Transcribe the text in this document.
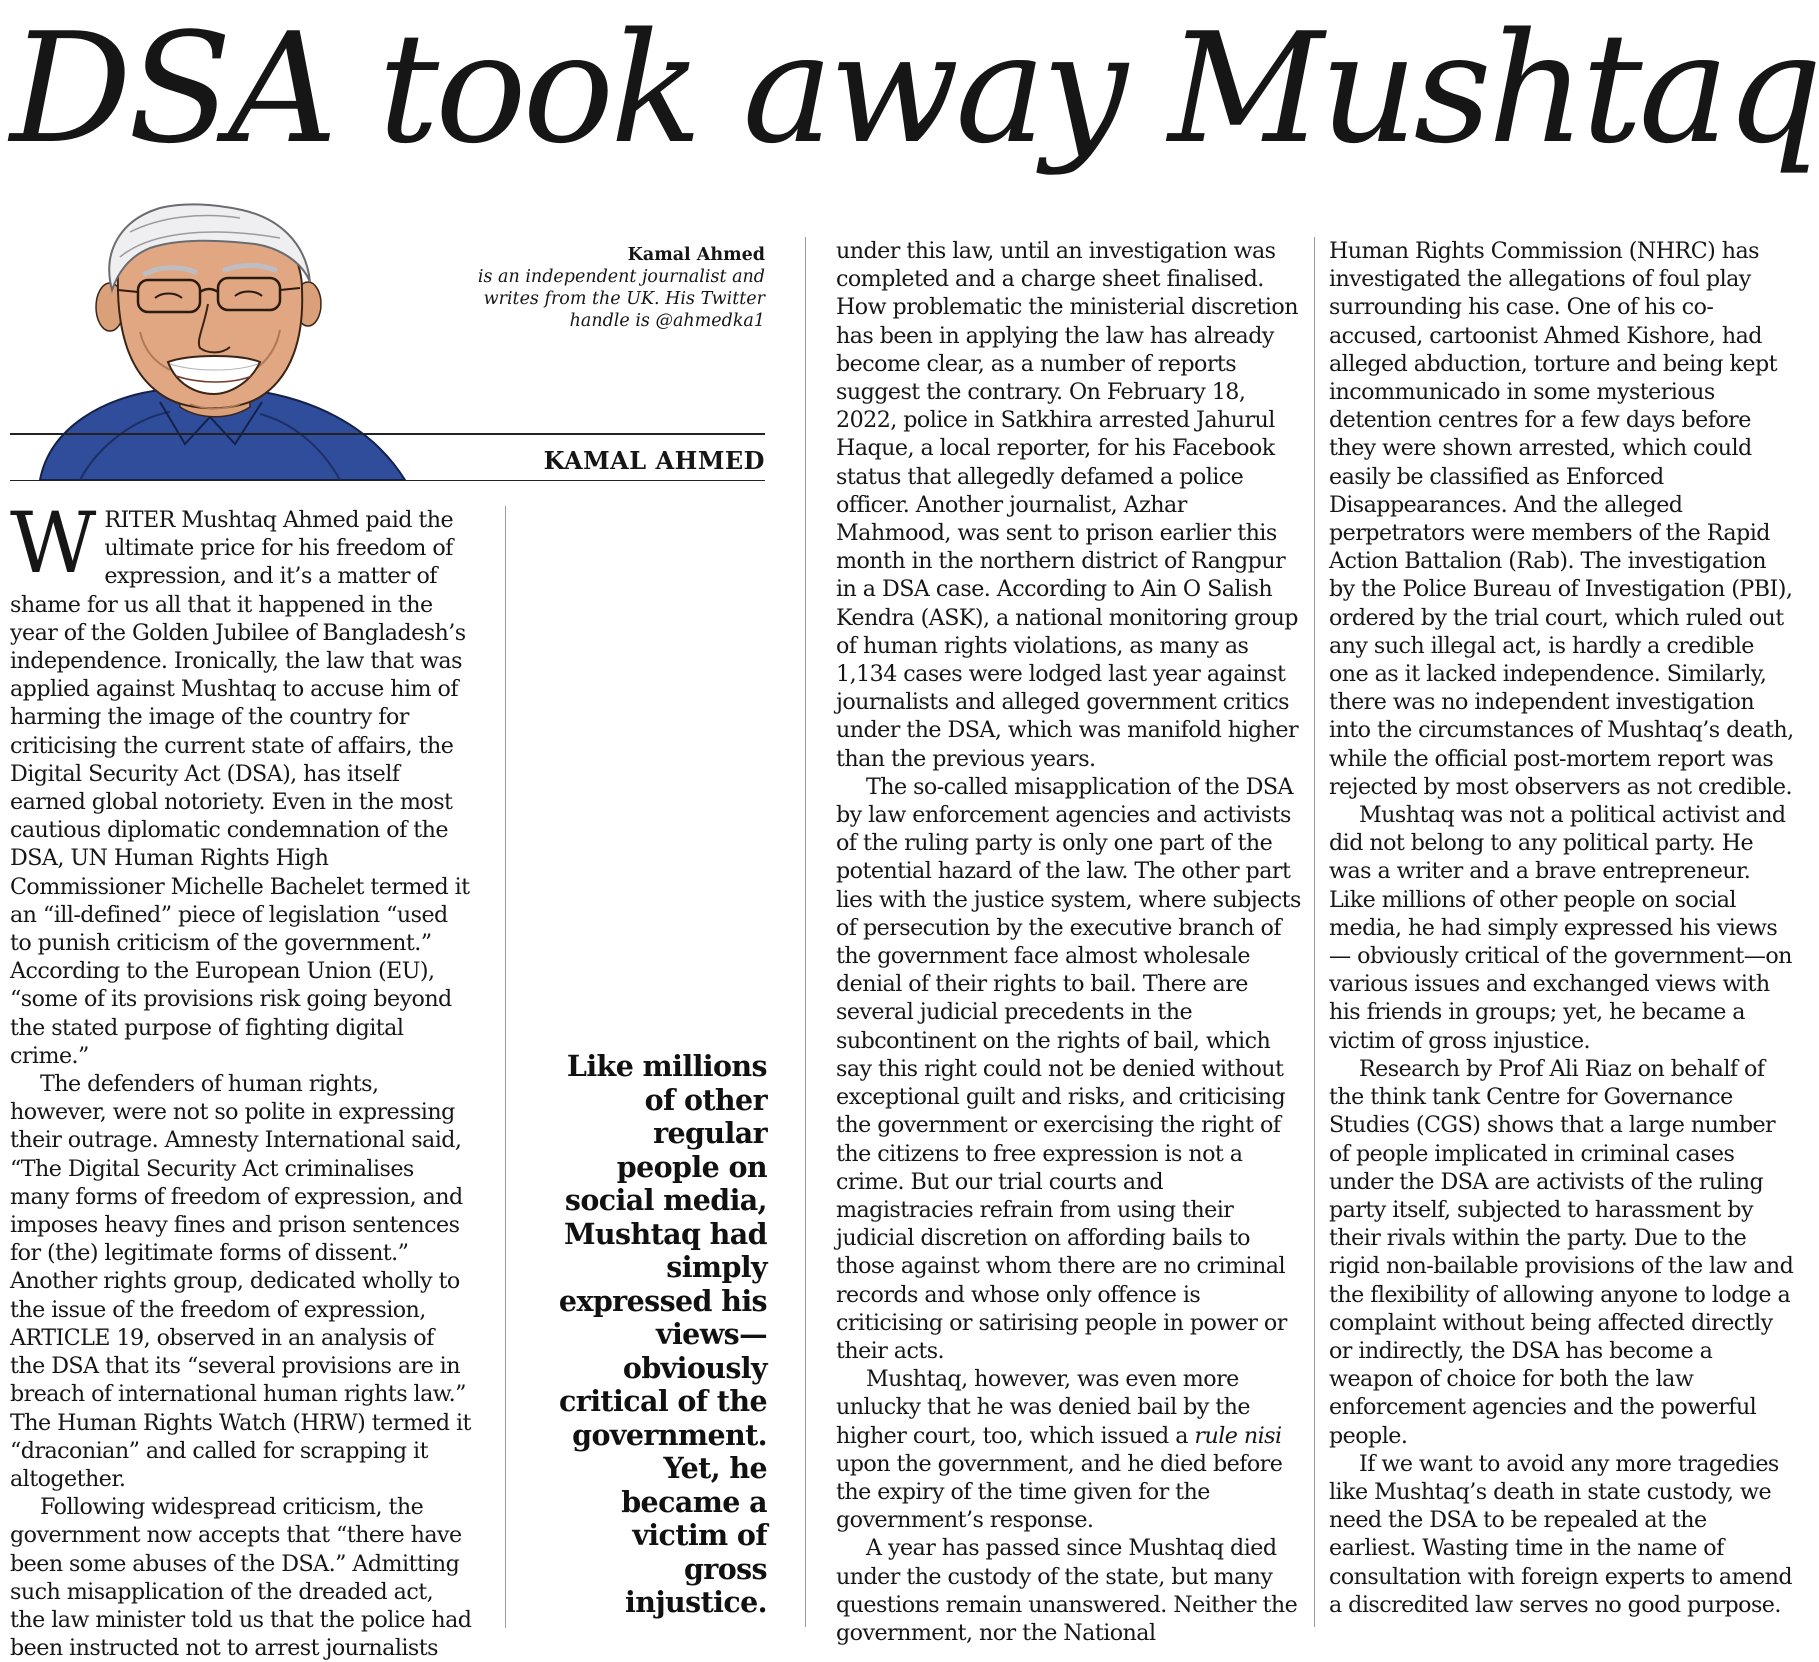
DSA took away Mushtaq
Kamal Ahmed
is an independent journalist and writes from the UK. His Twitter handle is @ahmedka1
KAMAL AHMED

WRITER Mushtaq Ahmed paid the ultimate price for his freedom of expression, and it’s a matter of shame for us all that it happened in the year of the Golden Jubilee of Bangladesh’s independence. Ironically, the law that was applied against Mushtaq to accuse him of harming the image of the country for criticising the current state of affairs, the Digital Security Act (DSA), has itself earned global notoriety. Even in the most cautious diplomatic condemnation of the DSA, UN Human Rights High Commissioner Michelle Bachelet termed it an “ill-defined” piece of legislation “used to punish criticism of the government.” According to the European Union (EU), “some of its provisions risk going beyond the stated purpose of fighting digital crime.”

The defenders of human rights, however, were not so polite in expressing their outrage. Amnesty International said, “The Digital Security Act criminalises many forms of freedom of expression, and imposes heavy fines and prison sentences for (the) legitimate forms of dissent.” Another rights group, dedicated wholly to the issue of the freedom of expression, ARTICLE 19, observed in an analysis of the DSA that its “several provisions are in breach of international human rights law.” The Human Rights Watch (HRW) termed it “draconian” and called for scrapping it altogether.

Following widespread criticism, the government now accepts that “there have been some abuses of the DSA.” Admitting such misapplication of the dreaded act, the law minister told us that the police had been instructed not to arrest journalists

Like millions of other regular people on social media, Mushtaq had simply expressed his views— obviously critical of the government. Yet, he became a victim of gross injustice.

under this law, until an investigation was completed and a charge sheet finalised. How problematic the ministerial discretion has been in applying the law has already become clear, as a number of reports suggest the contrary. On February 18, 2022, police in Satkhira arrested Jahurul Haque, a local reporter, for his Facebook status that allegedly defamed a police officer. Another journalist, Azhar Mahmood, was sent to prison earlier this month in the northern district of Rangpur in a DSA case. According to Ain O Salish Kendra (ASK), a national monitoring group of human rights violations, as many as 1,134 cases were lodged last year against journalists and alleged government critics under the DSA, which was manifold higher than the previous years.

The so-called misapplication of the DSA by law enforcement agencies and activists of the ruling party is only one part of the potential hazard of the law. The other part lies with the justice system, where subjects of persecution by the executive branch of the government face almost wholesale denial of their rights to bail. There are several judicial precedents in the subcontinent on the rights of bail, which say this right could not be denied without exceptional guilt and risks, and criticising the government or exercising the right of the citizens to free expression is not a crime. But our trial courts and magistracies refrain from using their judicial discretion on affording bails to those against whom there are no criminal records and whose only offence is criticising or satirising people in power or their acts.

Mushtaq, however, was even more unlucky that he was denied bail by the higher court, too, which issued a rule nisi upon the government, and he died before the expiry of the time given for the government’s response.

A year has passed since Mushtaq died under the custody of the state, but many questions remain unanswered. Neither the government, nor the National

Human Rights Commission (NHRC) has investigated the allegations of foul play surrounding his case. One of his co-accused, cartoonist Ahmed Kishore, had alleged abduction, torture and being kept incommunicado in some mysterious detention centres for a few days before they were shown arrested, which could easily be classified as Enforced Disappearances. And the alleged perpetrators were members of the Rapid Action Battalion (Rab). The investigation by the Police Bureau of Investigation (PBI), ordered by the trial court, which ruled out any such illegal act, is hardly a credible one as it lacked independence. Similarly, there was no independent investigation into the circumstances of Mushtaq’s death, while the official post-mortem report was rejected by most observers as not credible.

Mushtaq was not a political activist and did not belong to any political party. He was a writer and a brave entrepreneur. Like millions of other people on social media, he had simply expressed his views— obviously critical of the government—on various issues and exchanged views with his friends in groups; yet, he became a victim of gross injustice.

Research by Prof Ali Riaz on behalf of the think tank Centre for Governance Studies (CGS) shows that a large number of people implicated in criminal cases under the DSA are activists of the ruling party itself, subjected to harassment by their rivals within the party. Due to the rigid non-bailable provisions of the law and the flexibility of allowing anyone to lodge a complaint without being affected directly or indirectly, the DSA has become a weapon of choice for both the law enforcement agencies and the powerful people.

If we want to avoid any more tragedies like Mushtaq’s death in state custody, we need the DSA to be repealed at the earliest. Wasting time in the name of consultation with foreign experts to amend a discredited law serves no good purpose.
